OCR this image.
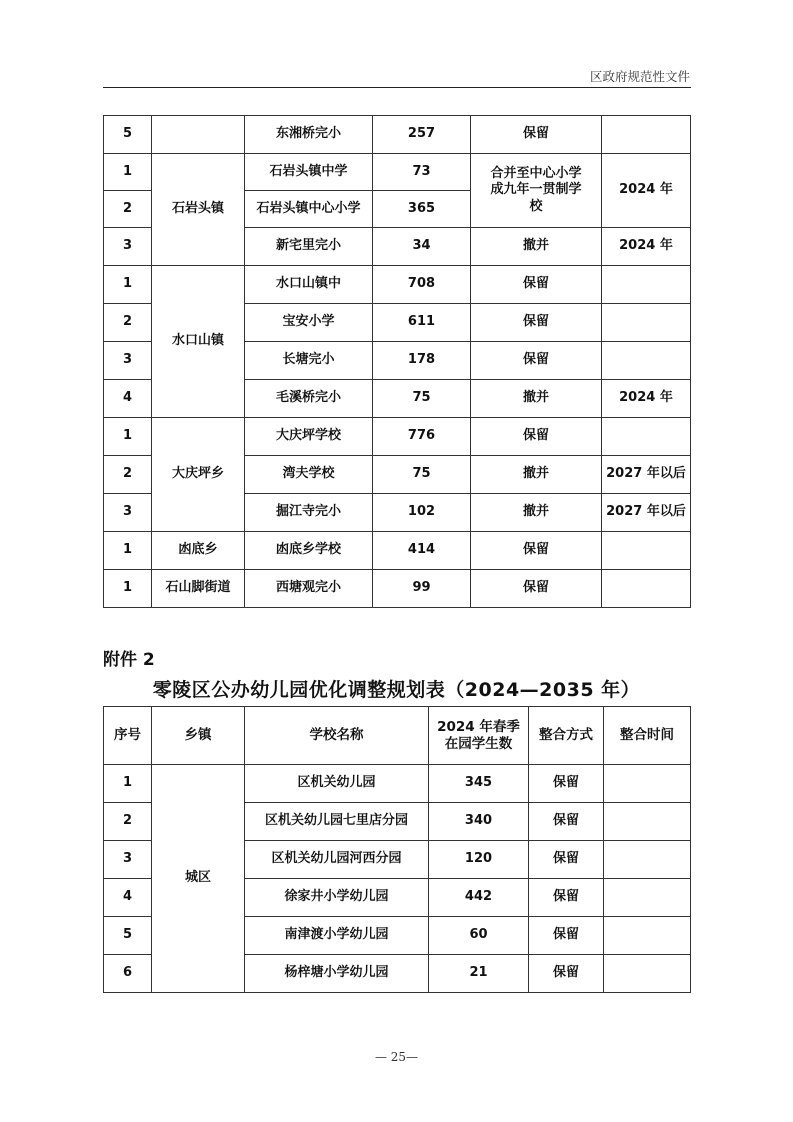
区政府规范性文件
5		东湘桥完小	257	保留	
1	石岩头镇	石岩头镇中学	73	合并至中心小学成九年一贯制学校	2024 年
2		石岩头镇中心小学	365		
3		新宅里完小	34	撤并	2024 年
1	水口山镇	水口山镇中	708	保留	
2		宝安小学	611	保留	
3		长塘完小	178	保留	
4		毛溪桥完小	75	撤并	2024 年
1	大庆坪乡	大庆坪学校	776	保留	
2		湾夫学校	75	撤并	2027 年以后
3		掘江寺完小	102	撤并	2027 年以后
1	凼底乡	凼底乡学校	414	保留	
1	石山脚街道	西塘观完小	99	保留	
附件 2
零陵区公办幼儿园优化调整规划表（2024—2035 年）
序号	乡镇	学校名称	2024 年春季在园学生数	整合方式	整合时间
1	城区	区机关幼儿园	345	保留	
2		区机关幼儿园七里店分园	340	保留	
3		区机关幼儿园河西分园	120	保留	
4		徐家井小学幼儿园	442	保留	
5		南津渡小学幼儿园	60	保留	
6		杨梓塘小学幼儿园	21	保留	
— 25—
